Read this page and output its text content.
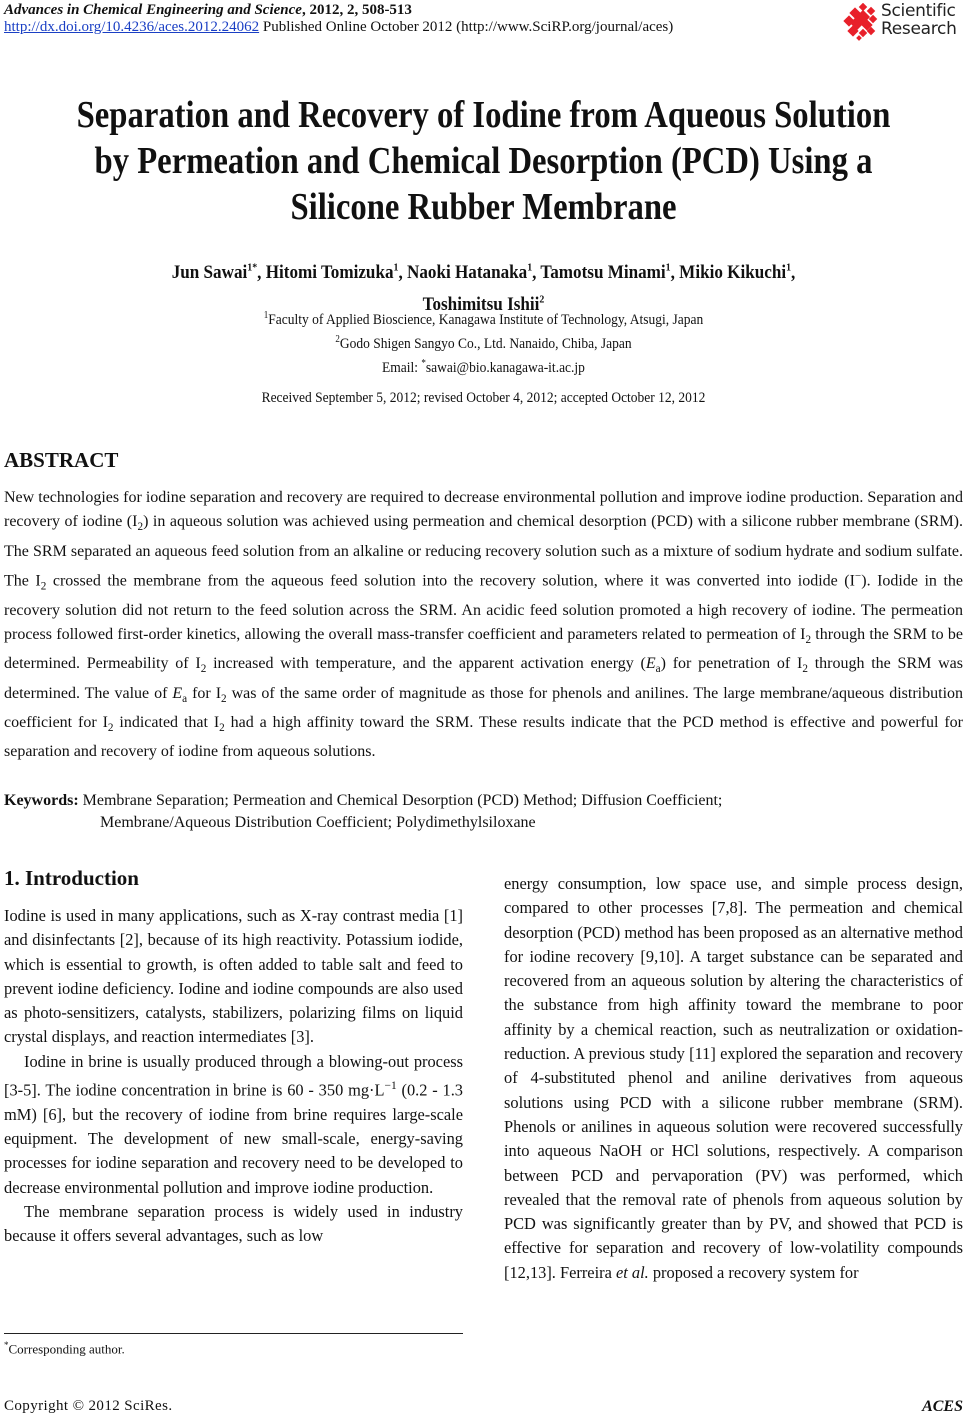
Advances in Chemical Engineering and Science, 2012, 2, 508-513
http://dx.doi.org/10.4236/aces.2012.24062 Published Online October 2012 (http://www.SciRP.org/journal/aces)
Scientific
Research
Separation and Recovery of Iodine from Aqueous Solution
by Permeation and Chemical Desorption (PCD) Using a
Silicone Rubber Membrane
Jun Sawai$^{1*}$, Hitomi Tomizuka$^1$, Naoki Hatanaka$^1$, Tamotsu Minami$^1$, Mikio Kikuchi$^1$,
Toshimitsu Ishii$^2$
$^1$Faculty of Applied Bioscience, Kanagawa Institute of Technology, Atsugi, Japan
$^2$Godo Shigen Sangyo Co., Ltd. Nanaido, Chiba, Japan
Email: *sawai@bio.kanagawa-it.ac.jp
Received September 5, 2012; revised October 4, 2012; accepted October 12, 2012
ABSTRACT
New technologies for iodine separation and recovery are required to decrease environmental pollution and improve iodine production. Separation and recovery of iodine $(I_2)$ in aqueous solution was achieved using permeation and chemical desorption (PCD) with a silicone rubber membrane (SRM). The SRM separated an aqueous feed solution from an alkaline or reducing recovery solution such as a mixture of sodium hydrate and sodium sulfate. The $I_2$ crossed the membrane from the aqueous feed solution into the recovery solution, where it was converted into iodide (I−). Iodide in the recovery solution did not return to the feed solution across the SRM. An acidic feed solution promoted a high recovery of iodine. The permeation process followed first-order kinetics, allowing the overall mass-transfer coefficient and parameters related to permeation of $I_2$ through the SRM to be determined. Permeability of $I_2$ increased with temperature, and the apparent activation energy $(E_a)$ for penetration of $I_2$ through the SRM was determined. The value of $E_a$ for $I_2$ was of the same order of magnitude as those for phenols and anilines. The large membrane/aqueous distribution coefficient for $I_2$ indicated that $I_2$ had a high affinity toward the SRM. These results indicate that the PCD method is effective and powerful for separation and recovery of iodine from aqueous solutions.
Keywords: Membrane Separation; Permeation and Chemical Desorption (PCD) Method; Diffusion Coefficient;
Membrane/Aqueous Distribution Coefficient; Polydimethylsiloxane
1. Introduction

Iodine is used in many applications, such as X-ray contrast media [1] and disinfectants [2], because of its high reactivity. Potassium iodide, which is essential to growth, is often added to table salt and feed to prevent iodine deficiency. Iodine and iodine compounds are also used as photo-sensitizers, catalysts, stabilizers, polarizing films on liquid crystal displays, and reaction intermediates [3].

Iodine in brine is usually produced through a blowing-out process [3-5]. The iodine concentration in brine is 60 - 350 $mg\cdot L^{-1}$ (0.2 - 1.3 mM) [6], but the recovery of iodine from brine requires large-scale equipment. The development of new small-scale, energy-saving processes for iodine separation and recovery need to be developed to decrease environmental pollution and improve iodine production.

The membrane separation process is widely used in industry because it offers several advantages, such as low

energy consumption, low space use, and simple process design, compared to other processes [7,8]. The permeation and chemical desorption (PCD) method has been proposed as an alternative method for iodine recovery [9,10]. A target substance can be separated and recovered from an aqueous solution by altering the characteristics of the substance from high affinity toward the membrane to poor affinity by a chemical reaction, such as neutralization or oxidation-reduction. A previous study [11] explored the separation and recovery of 4-substituted phenol and aniline derivatives from aqueous solutions using PCD with a silicone rubber membrane (SRM). Phenols or anilines in aqueous solution were recovered successfully into aqueous NaOH or HCl solutions, respectively. A comparison between PCD and pervaporation (PV) was performed, which revealed that the removal rate of phenols from aqueous solution by PCD was significantly greater than by PV, and showed that PCD is effective for separation and recovery of low-volatility compounds [12,13]. Ferreira et al. proposed a recovery system for

*Corresponding author.
Copyright © 2012 SciRes.	ACES
